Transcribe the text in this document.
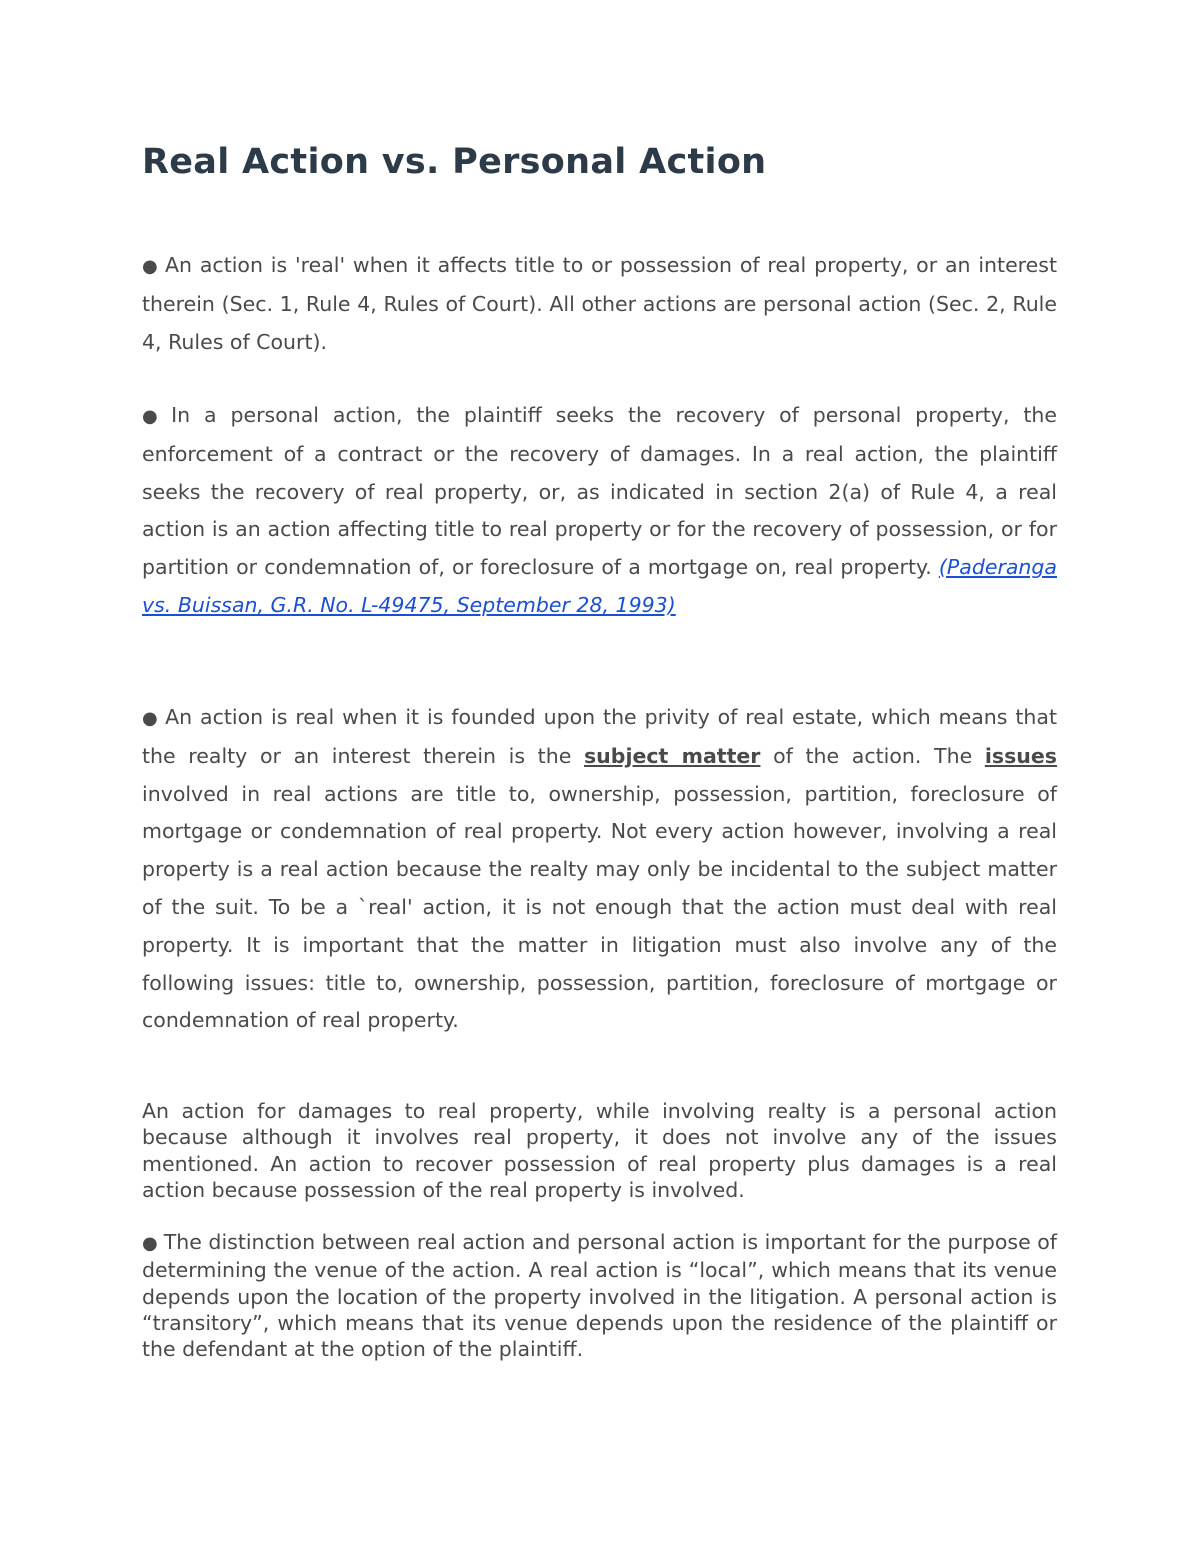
Real Action vs. Personal Action

● An action is 'real' when it affects title to or possession of real property, or an interest therein (Sec. 1, Rule 4, Rules of Court). All other actions are personal action (Sec. 2, Rule 4, Rules of Court).

● In a personal action, the plaintiff seeks the recovery of personal property, the enforcement of a contract or the recovery of damages. In a real action, the plaintiff seeks the recovery of real property, or, as indicated in section 2(a) of Rule 4, a real action is an action affecting title to real property or for the recovery of possession, or for partition or condemnation of, or foreclosure of a mortgage on, real property. (Paderanga vs. Buissan, G.R. No. L-49475, September 28, 1993)

● An action is real when it is founded upon the privity of real estate, which means that the realty or an interest therein is the subject matter of the action. The issues involved in real actions are title to, ownership, possession, partition, foreclosure of mortgage or condemnation of real property. Not every action however, involving a real property is a real action because the realty may only be incidental to the subject matter of the suit. To be a `real' action, it is not enough that the action must deal with real property. It is important that the matter in litigation must also involve any of the following issues: title to, ownership, possession, partition, foreclosure of mortgage or condemnation of real property.

An action for damages to real property, while involving realty is a personal action because although it involves real property, it does not involve any of the issues mentioned. An action to recover possession of real property plus damages is a real action because possession of the real property is involved.

● The distinction between real action and personal action is important for the purpose of determining the venue of the action. A real action is “local”, which means that its venue depends upon the location of the property involved in the litigation. A personal action is “transitory”, which means that its venue depends upon the residence of the plaintiff or the defendant at the option of the plaintiff.
